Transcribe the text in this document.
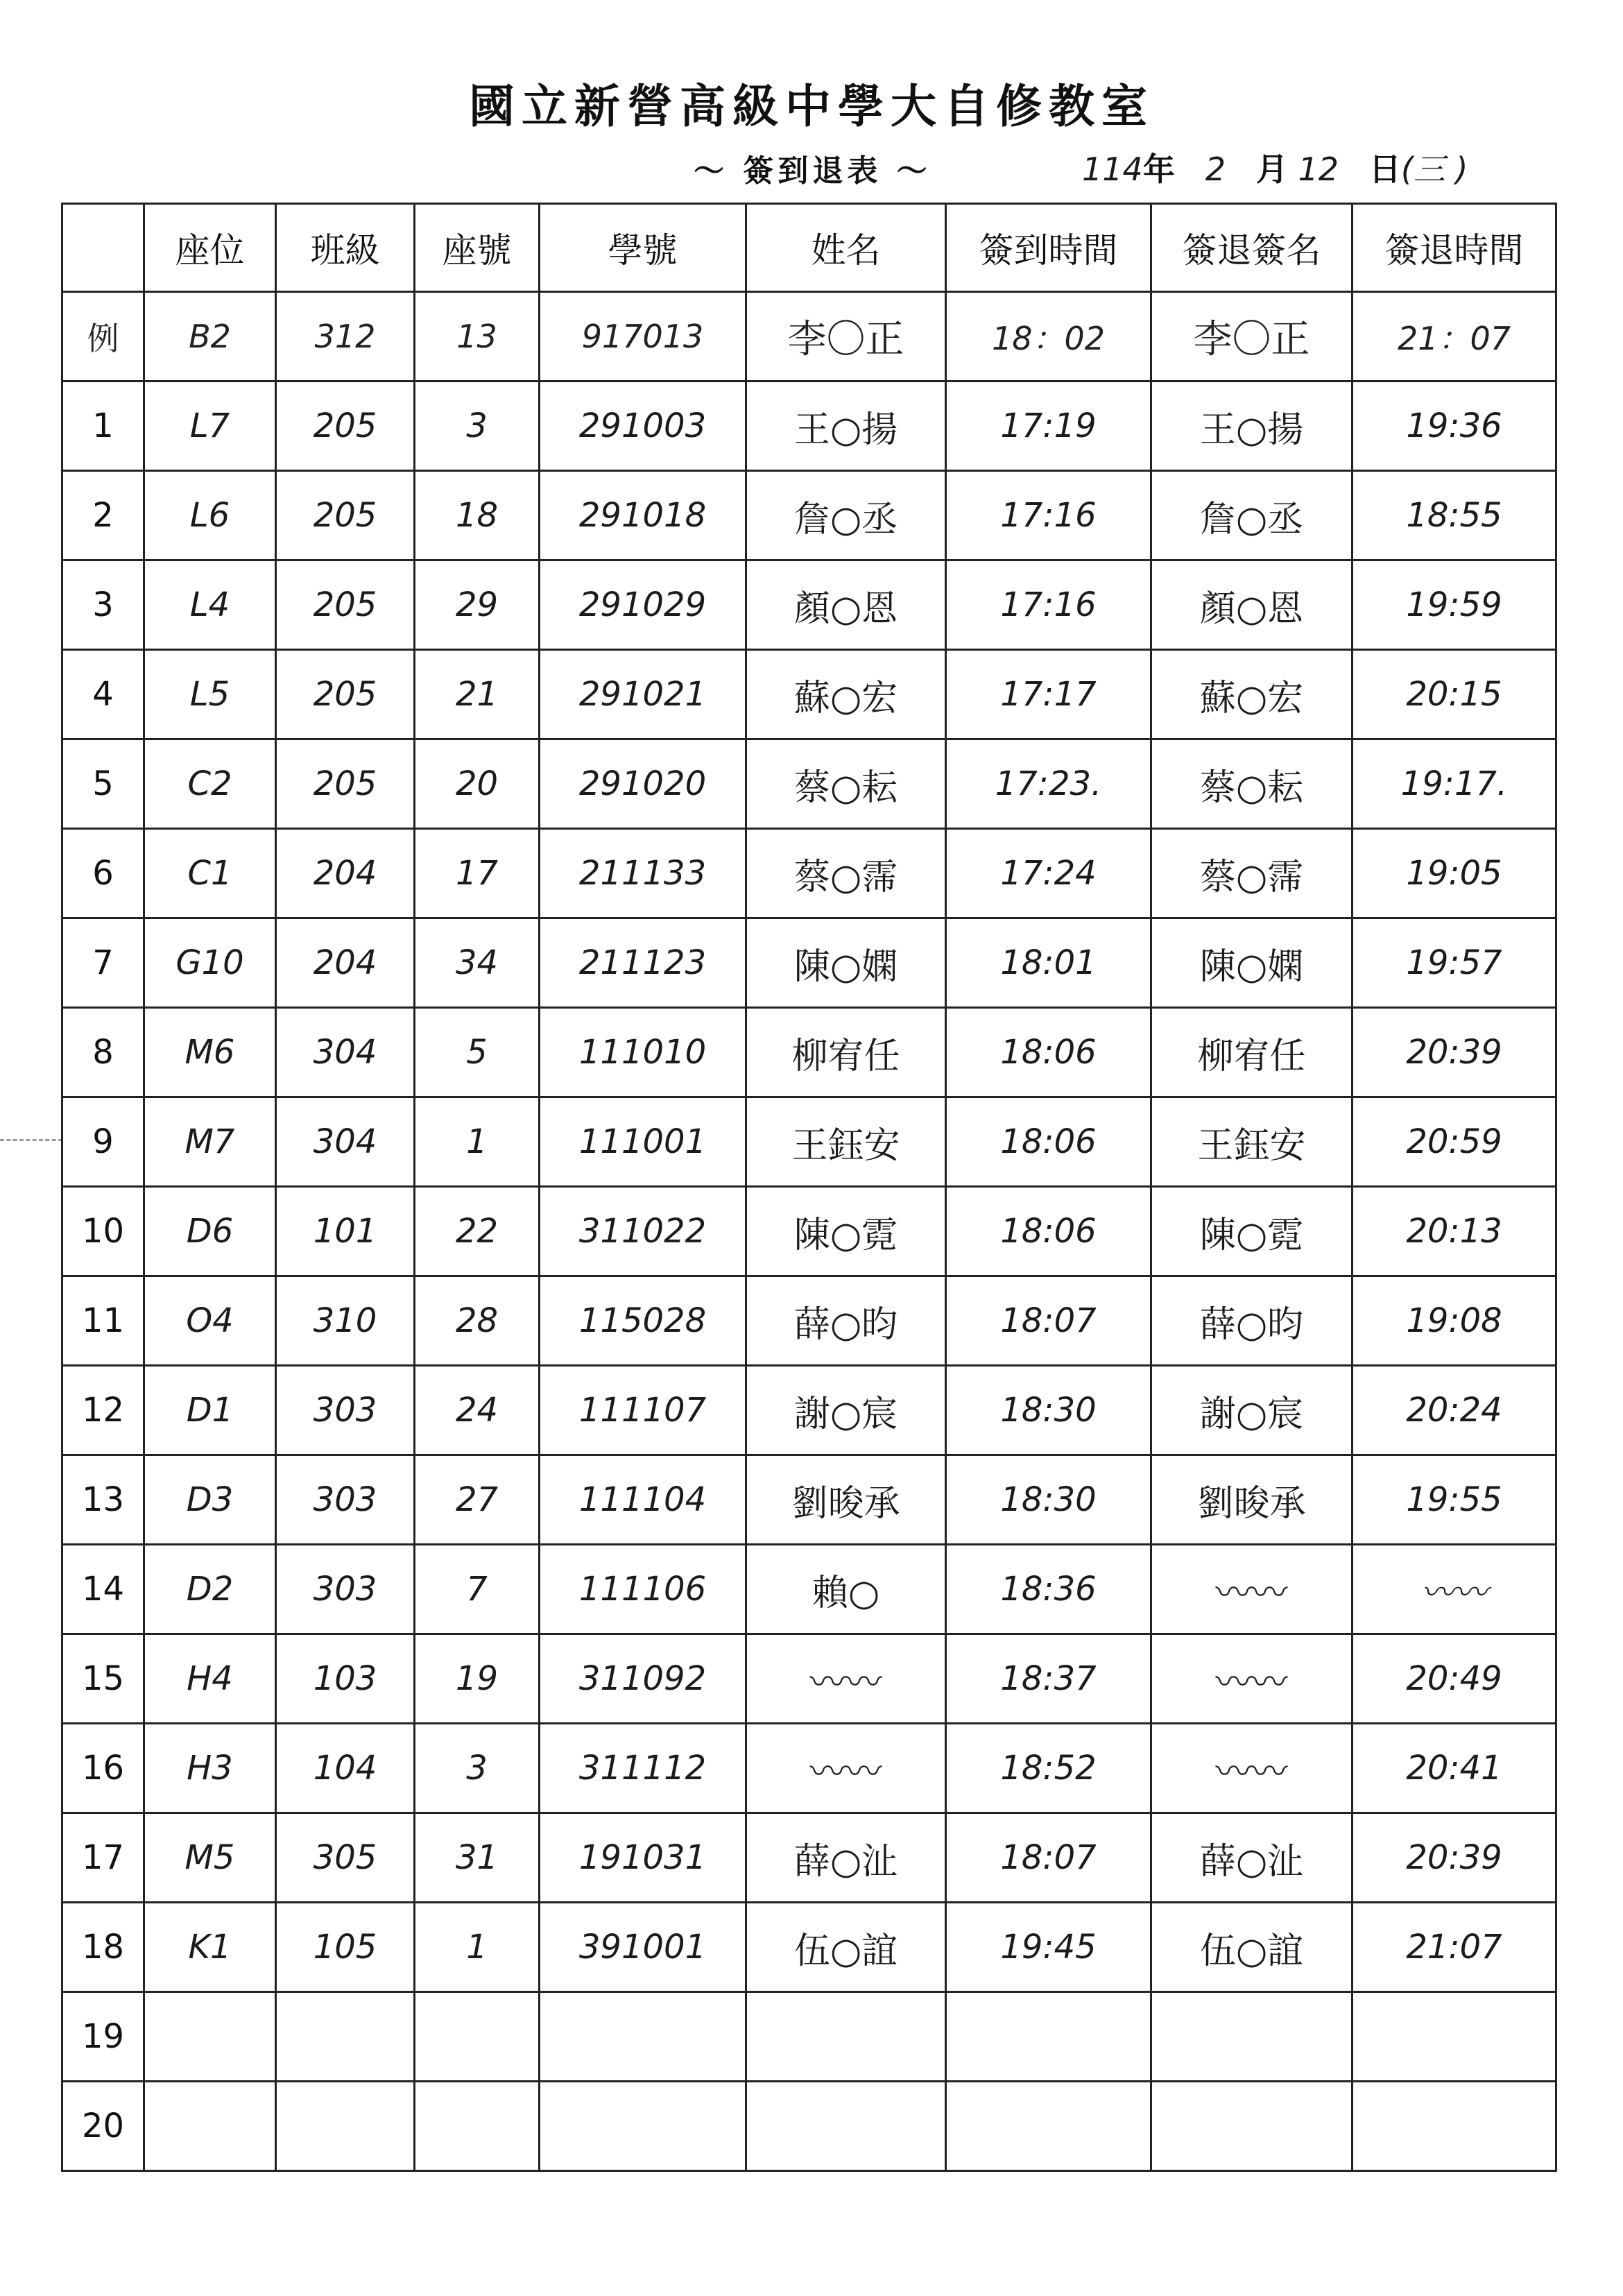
國立新營高級中學大自修教室
～ 簽到退表 ～	114年 2 月 12 日(三 )
	座位	班級	座號	學號	姓名	簽到時間	簽退簽名	簽退時間
例	B2	312	13	917013	李〇正	18：02	李〇正	21：07
1	L7	205	3	291003	王○揚	17:19	王○揚	19:36
2	L6	205	18	291018	詹○丞	17:16	詹○丞	18:55
3	L4	205	29	291029	顏○恩	17:16	顏○恩	19:59
4	L5	205	21	291021	蘇○宏	17:17	蘇○宏	20:15
5	C2	205	20	291020	蔡○耘	17:23.	蔡○耘	19:17.
6	C1	204	17	211133	蔡○霈	17:24	蔡○霈	19:05
7	G10	204	34	211123	陳○嫻	18:01	陳○嫻	19:57
8	M6	304	5	111010	柳宥任	18:06	柳宥任	20:39
9	M7	304	1	111001	王鈺安	18:06	王鈺安	20:59
10	D6	101	22	311022	陳○霓	18:06	陳○霓	20:13
11	O4	310	28	115028	薛○昀	18:07	薛○昀	19:08
12	D1	303	24	111107	謝○宸	18:30	謝○宸	20:24
13	D3	303	27	111104	劉晙承	18:30	劉晙承	19:55
14	D2	303	7	111106	賴○	18:36	〰〰	〰〰
15	H4	103	19	311092	〰〰	18:37	〰〰	20:49
16	H3	104	3	311112	〰〰	18:52	〰〰	20:41
17	M5	305	31	191031	薛○沚	18:07	薛○沚	20:39
18	K1	105	1	391001	伍○誼	19:45	伍○誼	21:07
19								
20								
